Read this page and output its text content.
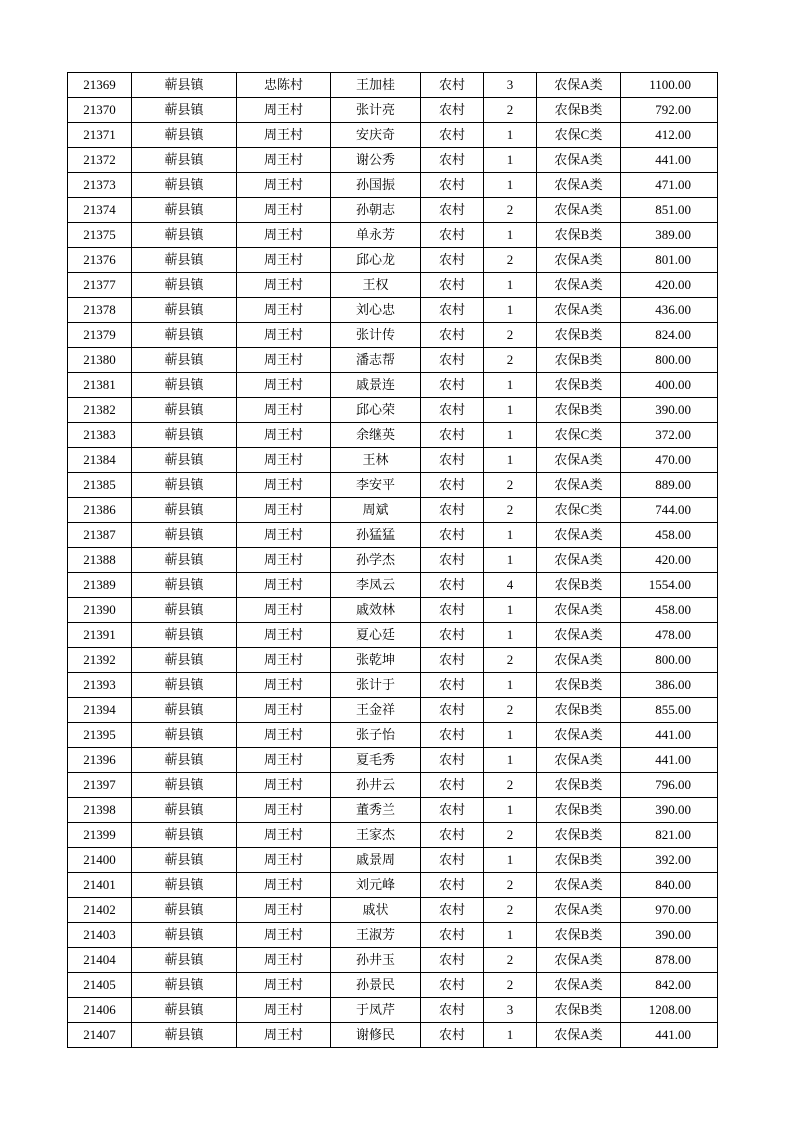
21369	蕲县镇	忠陈村	王加桂	农村	3	农保A类	1100.00
21370	蕲县镇	周王村	张计亮	农村	2	农保B类	792.00
21371	蕲县镇	周王村	安庆奇	农村	1	农保C类	412.00
21372	蕲县镇	周王村	谢公秀	农村	1	农保A类	441.00
21373	蕲县镇	周王村	孙国振	农村	1	农保A类	471.00
21374	蕲县镇	周王村	孙朝志	农村	2	农保A类	851.00
21375	蕲县镇	周王村	单永芳	农村	1	农保B类	389.00
21376	蕲县镇	周王村	邱心龙	农村	2	农保A类	801.00
21377	蕲县镇	周王村	王权	农村	1	农保A类	420.00
21378	蕲县镇	周王村	刘心忠	农村	1	农保A类	436.00
21379	蕲县镇	周王村	张计传	农村	2	农保B类	824.00
21380	蕲县镇	周王村	潘志帮	农村	2	农保B类	800.00
21381	蕲县镇	周王村	戚景连	农村	1	农保B类	400.00
21382	蕲县镇	周王村	邱心荣	农村	1	农保B类	390.00
21383	蕲县镇	周王村	余继英	农村	1	农保C类	372.00
21384	蕲县镇	周王村	王林	农村	1	农保A类	470.00
21385	蕲县镇	周王村	李安平	农村	2	农保A类	889.00
21386	蕲县镇	周王村	周斌	农村	2	农保C类	744.00
21387	蕲县镇	周王村	孙猛猛	农村	1	农保A类	458.00
21388	蕲县镇	周王村	孙学杰	农村	1	农保A类	420.00
21389	蕲县镇	周王村	李凤云	农村	4	农保B类	1554.00
21390	蕲县镇	周王村	戚效林	农村	1	农保A类	458.00
21391	蕲县镇	周王村	夏心廷	农村	1	农保A类	478.00
21392	蕲县镇	周王村	张乾坤	农村	2	农保A类	800.00
21393	蕲县镇	周王村	张计于	农村	1	农保B类	386.00
21394	蕲县镇	周王村	王金祥	农村	2	农保B类	855.00
21395	蕲县镇	周王村	张子怡	农村	1	农保A类	441.00
21396	蕲县镇	周王村	夏毛秀	农村	1	农保A类	441.00
21397	蕲县镇	周王村	孙井云	农村	2	农保B类	796.00
21398	蕲县镇	周王村	董秀兰	农村	1	农保B类	390.00
21399	蕲县镇	周王村	王家杰	农村	2	农保B类	821.00
21400	蕲县镇	周王村	戚景周	农村	1	农保B类	392.00
21401	蕲县镇	周王村	刘元峰	农村	2	农保A类	840.00
21402	蕲县镇	周王村	戚状	农村	2	农保A类	970.00
21403	蕲县镇	周王村	王淑芳	农村	1	农保B类	390.00
21404	蕲县镇	周王村	孙井玉	农村	2	农保A类	878.00
21405	蕲县镇	周王村	孙景民	农村	2	农保A类	842.00
21406	蕲县镇	周王村	于凤芹	农村	3	农保B类	1208.00
21407	蕲县镇	周王村	谢修民	农村	1	农保A类	441.00
